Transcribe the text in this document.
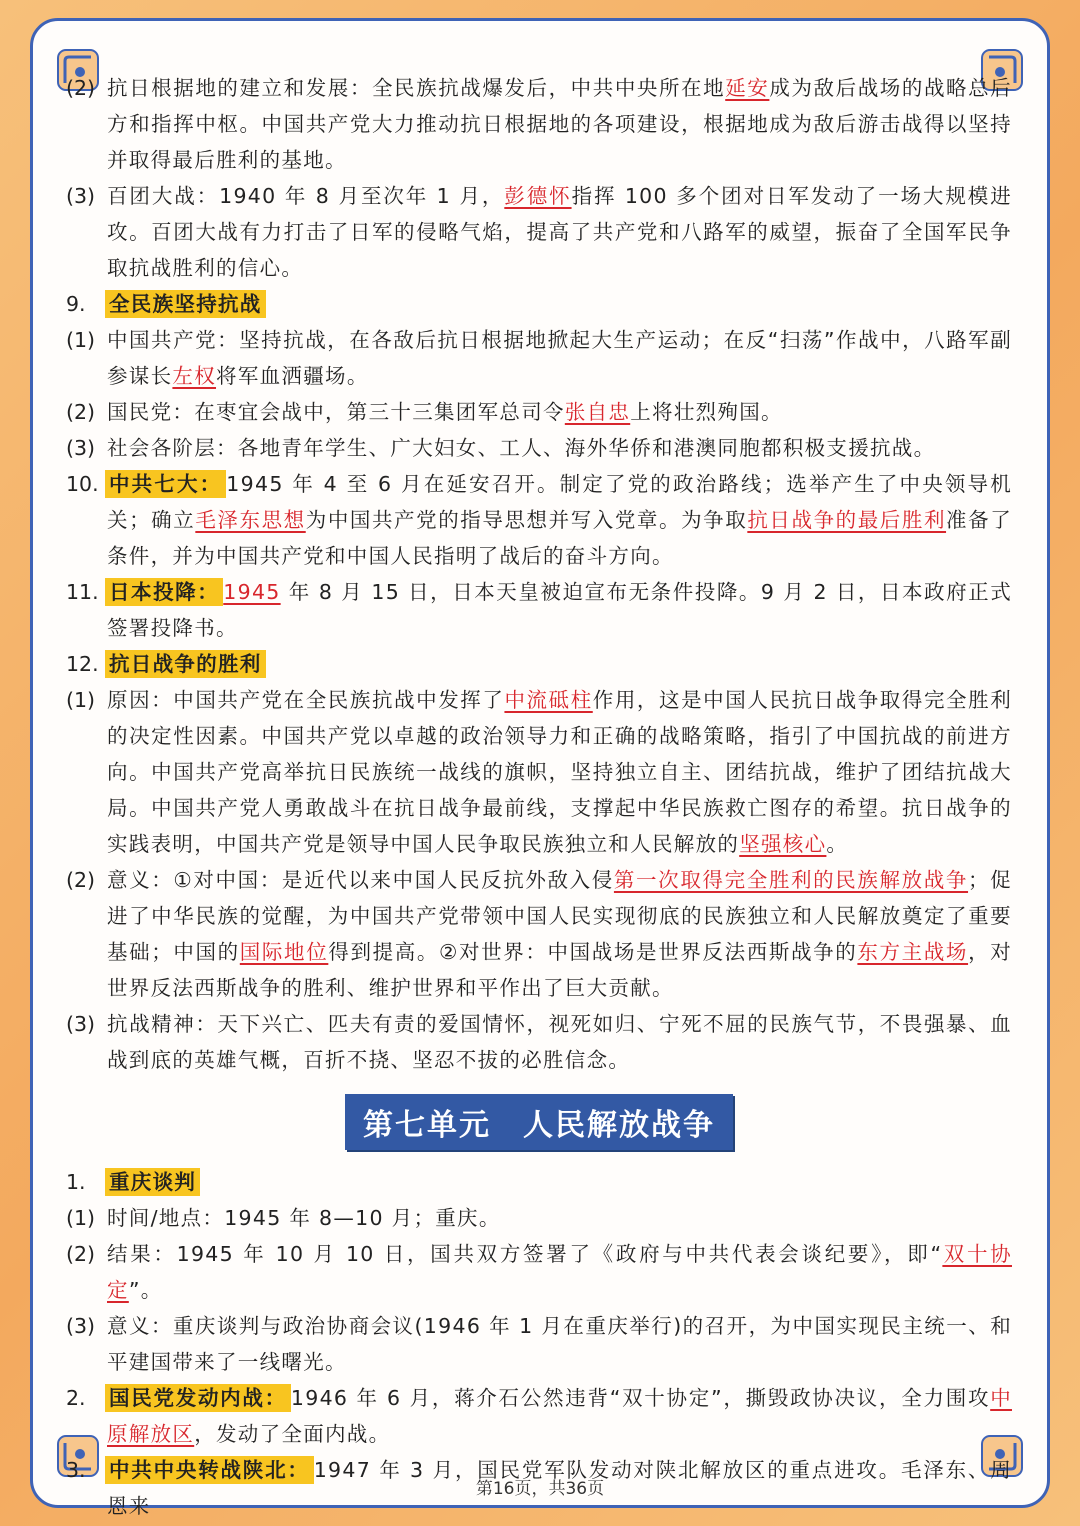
(2) 抗日根据地的建立和发展：全民族抗战爆发后，中共中央所在地延安成为敌后战场的战略总后方和指挥中枢。中国共产党大力推动抗日根据地的各项建设，根据地成为敌后游击战得以坚持并取得最后胜利的基地。
(3) 百团大战：1940 年 8 月至次年 1 月，彭德怀指挥 100 多个团对日军发动了一场大规模进攻。百团大战有力打击了日军的侵略气焰，提高了共产党和八路军的威望，振奋了全国军民争取抗战胜利的信心。
9.	全民族坚持抗战
(1) 中国共产党：坚持抗战，在各敌后抗日根据地掀起大生产运动；在反“扫荡”作战中，八路军副参谋长左权将军血洒疆场。
(2) 国民党：在枣宜会战中，第三十三集团军总司令张自忠上将壮烈殉国。
(3) 社会各阶层：各地青年学生、广大妇女、工人、海外华侨和港澳同胞都积极支援抗战。
10. 中共七大： 1945 年 4 至 6 月在延安召开。制定了党的政治路线；选举产生了中央领导机关；确立毛泽东思想为中国共产党的指导思想并写入党章。为争取抗日战争的最后胜利准备了条件，并为中国共产党和中国人民指明了战后的奋斗方向。
11. 日本投降： 1945 年 8 月 15 日，日本天皇被迫宣布无条件投降。9 月 2 日，日本政府正式签署投降书。
12. 抗日战争的胜利
(1) 原因：中国共产党在全民族抗战中发挥了中流砥柱作用，这是中国人民抗日战争取得完全胜利的决定性因素。中国共产党以卓越的政治领导力和正确的战略策略，指引了中国抗战的前进方向。中国共产党高举抗日民族统一战线的旗帜，坚持独立自主、团结抗战，维护了团结抗战大局。中国共产党人勇敢战斗在抗日战争最前线，支撑起中华民族救亡图存的希望。抗日战争的实践表明，中国共产党是领导中国人民争取民族独立和人民解放的坚强核心。
(2) 意义：①对中国：是近代以来中国人民反抗外敌入侵第一次取得完全胜利的民族解放战争；促进了中华民族的觉醒，为中国共产党带领中国人民实现彻底的民族独立和人民解放奠定了重要基础；中国的国际地位得到提高。②对世界：中国战场是世界反法西斯战争的东方主战场，对世界反法西斯战争的胜利、维护世界和平作出了巨大贡献。
(3) 抗战精神：天下兴亡、匹夫有责的爱国情怀，视死如归、宁死不屈的民族气节，不畏强暴、血战到底的英雄气概，百折不挠、坚忍不拔的必胜信念。
第七单元　人民解放战争
1.	重庆谈判
(1) 时间/地点：1945 年 8—10 月；重庆。
(2) 结果：1945 年 10 月 10 日，国共双方签署了《政府与中共代表会谈纪要》，即“双十协定”。
(3) 意义：重庆谈判与政治协商会议(1946 年 1 月在重庆举行)的召开，为中国实现民主统一、和平建国带来了一线曙光。
2.	国民党发动内战： 1946 年 6 月，蒋介石公然违背“双十协定”，撕毁政协决议，全力围攻中原解放区，发动了全面内战。
3.	中共中央转战陕北： 1947 年 3 月，国民党军队发动对陕北解放区的重点进攻。毛泽东、周恩来
第16页，共36页
